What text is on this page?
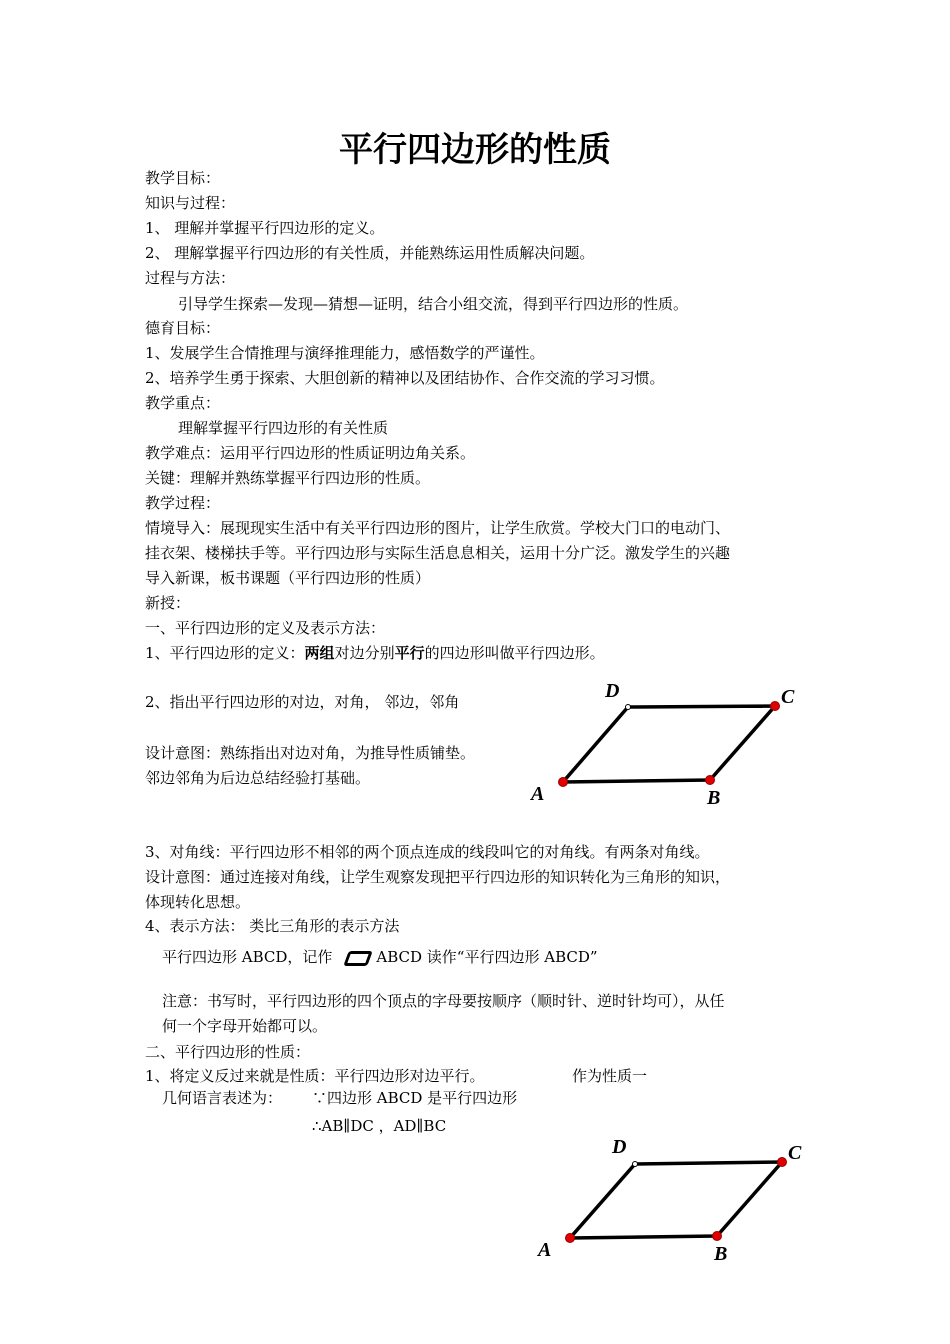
平行四边形的性质
教学目标：
知识与过程：
1、 理解并掌握平行四边形的定义。
2、 理解掌握平行四边形的有关性质，并能熟练运用性质解决问题。
过程与方法：
引导学生探索—发现—猜想—证明，结合小组交流，得到平行四边形的性质。
德育目标：
1、发展学生合情推理与演绎推理能力，感悟数学的严谨性。
2、培养学生勇于探索、大胆创新的精神以及团结协作、合作交流的学习习惯。
教学重点：
理解掌握平行四边形的有关性质
教学难点：运用平行四边形的性质证明边角关系。
关键：理解并熟练掌握平行四边形的性质。
教学过程：
情境导入：展现现实生活中有关平行四边形的图片，让学生欣赏。学校大门口的电动门、
挂衣架、楼梯扶手等。平行四边形与实际生活息息相关，运用十分广泛。激发学生的兴趣
导入新课，板书课题（平行四边形的性质）
新授：
一、平行四边形的定义及表示方法：
1、平行四边形的定义：两组对边分别平行的四边形叫做平行四边形。
2、指出平行四边形的对边，对角， 邻边，邻角
设计意图：熟练指出对边对角，为推导性质铺垫。
邻边邻角为后边总结经验打基础。
A	B
C
D
3、对角线：平行四边形不相邻的两个顶点连成的线段叫它的对角线。有两条对角线。
设计意图：通过连接对角线，让学生观察发现把平行四边形的知识转化为三角形的知识，
体现转化思想。
4、表示方法： 类比三角形的表示方法
平行四边形 ABCD，记作	ABCD 读作“平行四边形 ABCD”
注意：书写时，平行四边形的四个顶点的字母要按顺序（顺时针、逆时针均可），从任
何一个字母开始都可以。
二、平行四边形的性质：
1、将定义反过来就是性质：平行四边形对边平行。	作为性质一
几何语言表述为： ∵四边形 ABCD 是平行四边形
∴AB∥DC ，AD∥BC
A	B
C
D
